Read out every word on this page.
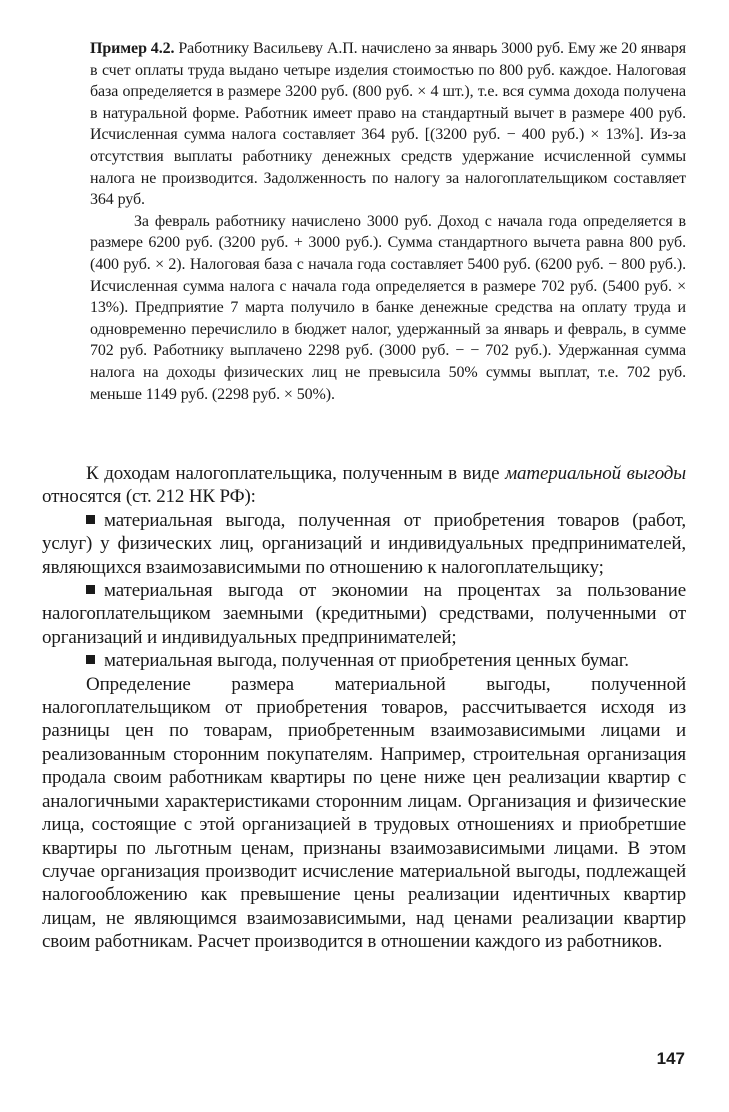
Пример 4.2. Работнику Васильеву А.П. начислено за январь 3000 руб. Ему же 20 января в счет оплаты труда выдано четыре изделия стоимостью по 800 руб. каждое. Налоговая база определяется в размере 3200 руб. (800 руб. × 4 шт.), т.е. вся сумма дохода получена в натуральной форме. Работник имеет право на стандартный вычет в размере 400 руб. Исчисленная сумма налога составляет 364 руб. [(3200 руб. − 400 руб.) × 13%]. Из-за отсутствия выплаты работнику денежных средств удержание исчисленной суммы налога не производится. Задолженность по налогу за налогоплательщиком составляет 364 руб.

За февраль работнику начислено 3000 руб. Доход с начала года определяется в размере 6200 руб. (3200 руб. + 3000 руб.). Сумма стандартного вычета равна 800 руб. (400 руб. × 2). Налоговая база с начала года составляет 5400 руб. (6200 руб. − 800 руб.). Исчисленная сумма налога с начала года определяется в размере 702 руб. (5400 руб. × 13%). Предприятие 7 марта получило в банке денежные средства на оплату труда и одновременно перечислило в бюджет налог, удержанный за январь и февраль, в сумме 702 руб. Работнику выплачено 2298 руб. (3000 руб. − − 702 руб.). Удержанная сумма налога на доходы физических лиц не превысила 50% суммы выплат, т.е. 702 руб. меньше 1149 руб. (2298 руб. × 50%).

К доходам налогоплательщика, полученным в виде материальной выгоды относятся (ст. 212 НК РФ):

материальная выгода, полученная от приобретения товаров (работ, услуг) у физических лиц, организаций и индивидуальных предпринимателей, являющихся взаимозависимыми по отношению к налогоплательщику;

материальная выгода от экономии на процентах за пользование налогоплательщиком заемными (кредитными) средствами, полученными от организаций и индивидуальных предпринимателей;

материальная выгода, полученная от приобретения ценных бумаг.

Определение размера материальной выгоды, полученной налогоплательщиком от приобретения товаров, рассчитывается исходя из разницы цен по товарам, приобретенным взаимозависимыми лицами и реализованным сторонним покупателям. Например, строительная организация продала своим работникам квартиры по цене ниже цен реализации квартир с аналогичными характеристиками сторонним лицам. Организация и физические лица, состоящие с этой организацией в трудовых отношениях и приобретшие квартиры по льготным ценам, признаны взаимозависимыми лицами. В этом случае организация производит исчисление материальной выгоды, подлежащей налогообложению как превышение цены реализации идентичных квартир лицам, не являющимся взаимозависимыми, над ценами реализации квартир своим работникам. Расчет производится в отношении каждого из работников.

147
